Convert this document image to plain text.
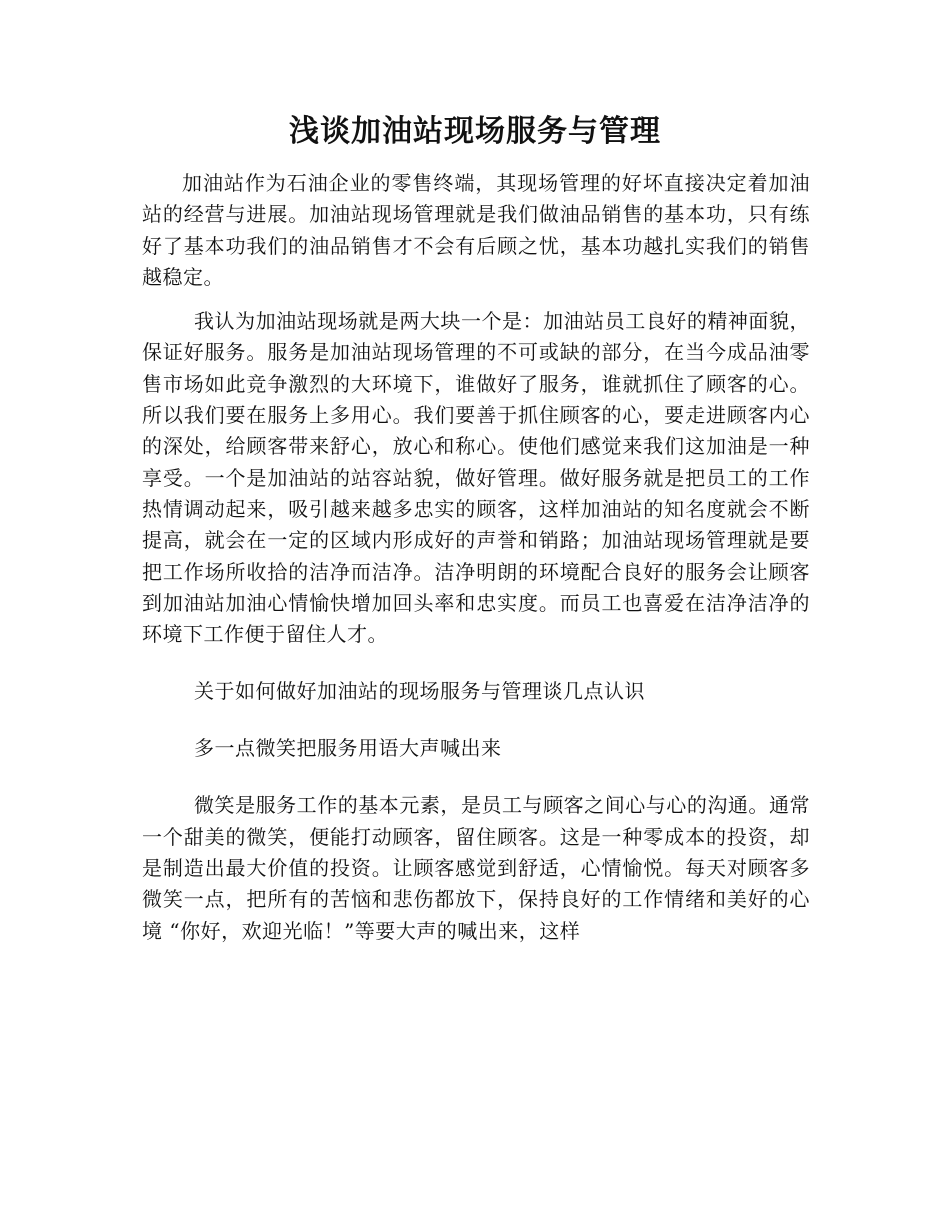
浅谈加油站现场服务与管理

加油站作为石油企业的零售终端，其现场管理的好坏直接决定着加油站的经营与进展。加油站现场管理就是我们做油品销售的基本功，只有练好了基本功我们的油品销售才不会有后顾之忧，基本功越扎实我们的销售越稳定。

我认为加油站现场就是两大块一个是：加油站员工良好的精神面貌，保证好服务。服务是加油站现场管理的不可或缺的部分，在当今成品油零售市场如此竞争激烈的大环境下，谁做好了服务，谁就抓住了顾客的心。所以我们要在服务上多用心。我们要善于抓住顾客的心，要走进顾客内心的深处，给顾客带来舒心，放心和称心。使他们感觉来我们这加油是一种享受。一个是加油站的站容站貌，做好管理。做好服务就是把员工的工作热情调动起来，吸引越来越多忠实的顾客，这样加油站的知名度就会不断提高，就会在一定的区域内形成好的声誉和销路；加油站现场管理就是要把工作场所收拾的洁净而洁净。洁净明朗的环境配合良好的服务会让顾客到加油站加油心情愉快增加回头率和忠实度。而员工也喜爱在洁净洁净的环境下工作便于留住人才。

关于如何做好加油站的现场服务与管理谈几点认识

多一点微笑把服务用语大声喊出来

微笑是服务工作的基本元素，是员工与顾客之间心与心的沟通。通常一个甜美的微笑，便能打动顾客，留住顾客。这是一种零成本的投资，却是制造出最大价值的投资。让顾客感觉到舒适，心情愉悦。每天对顾客多微笑一点，把所有的苦恼和悲伤都放下，保持良好的工作情绪和美好的心境 “你好，欢迎光临！”等要大声的喊出来，这样
